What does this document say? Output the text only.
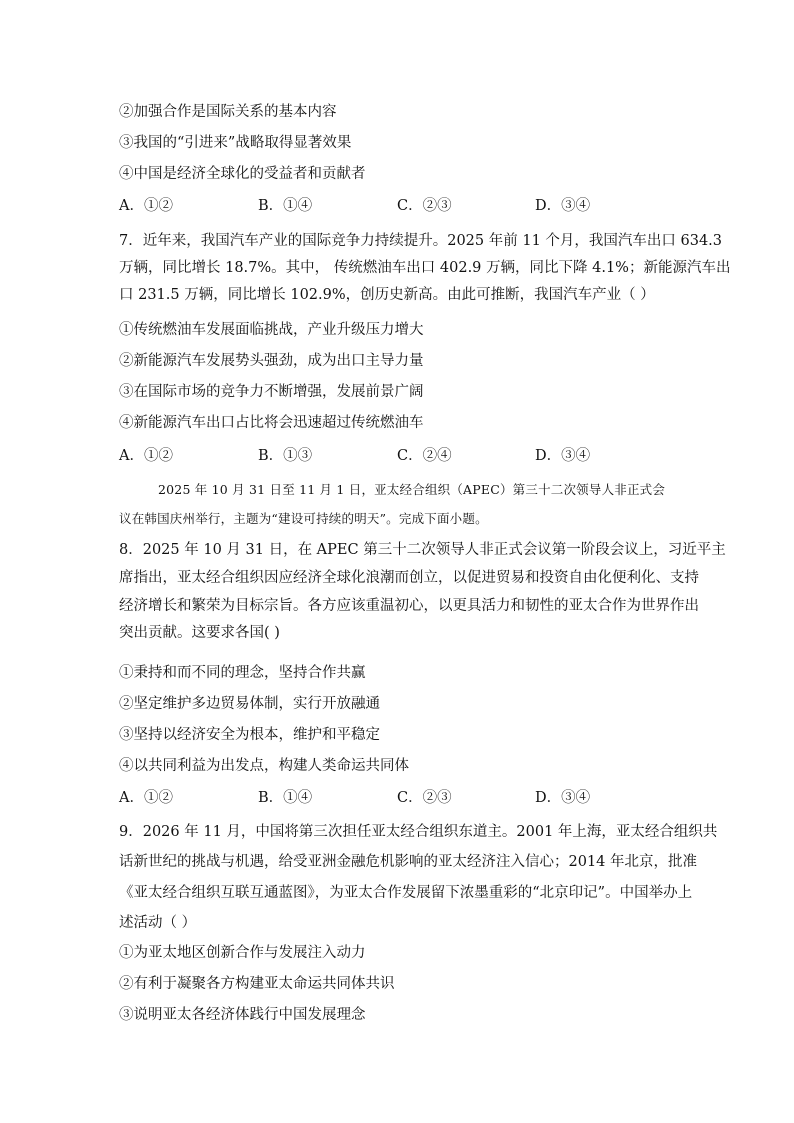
②加强合作是国际关系的基本内容
③我国的“引进来”战略取得显著效果
④中国是经济全球化的受益者和贡献者
A．①②	B．①④	C．②③	D．③④
7．近年来，我国汽车产业的国际竞争力持续提升。2025 年前 11 个月，我国汽车出口 634.3
万辆，同比增长 18.7%。其中， 传统燃油车出口 402.9 万辆，同比下降 4.1%；新能源汽车出
口 231.5 万辆，同比增长 102.9%，创历史新高。由此可推断，我国汽车产业（ ）
①传统燃油车发展面临挑战，产业升级压力增大
②新能源汽车发展势头强劲，成为出口主导力量
③在国际市场的竞争力不断增强，发展前景广阔
④新能源汽车出口占比将会迅速超过传统燃油车
A．①②	B．①③	C．②④	D．③④
2025 年 10 月 31 日至 11 月 1 日，亚太经合组织（APEC）第三十二次领导人非正式会
议在韩国庆州举行，主题为“建设可持续的明天”。完成下面小题。
8．2025 年 10 月 31 日，在 APEC 第三十二次领导人非正式会议第一阶段会议上，习近平主
席指出，亚太经合组织因应经济全球化浪潮而创立，以促进贸易和投资自由化便利化、支持
经济增长和繁荣为目标宗旨。各方应该重温初心，以更具活力和韧性的亚太合作为世界作出
突出贡献。这要求各国( )
①秉持和而不同的理念，坚持合作共赢
②坚定维护多边贸易体制，实行开放融通
③坚持以经济安全为根本，维护和平稳定
④以共同利益为出发点，构建人类命运共同体
A．①②	B．①④	C．②③	D．③④
9．2026 年 11 月，中国将第三次担任亚太经合组织东道主。2001 年上海，亚太经合组织共
话新世纪的挑战与机遇，给受亚洲金融危机影响的亚太经济注入信心；2014 年北京，批准
《亚太经合组织互联互通蓝图》，为亚太合作发展留下浓墨重彩的“北京印记”。中国举办上
述活动（ ）
①为亚太地区创新合作与发展注入动力
②有利于凝聚各方构建亚太命运共同体共识
③说明亚太各经济体践行中国发展理念
